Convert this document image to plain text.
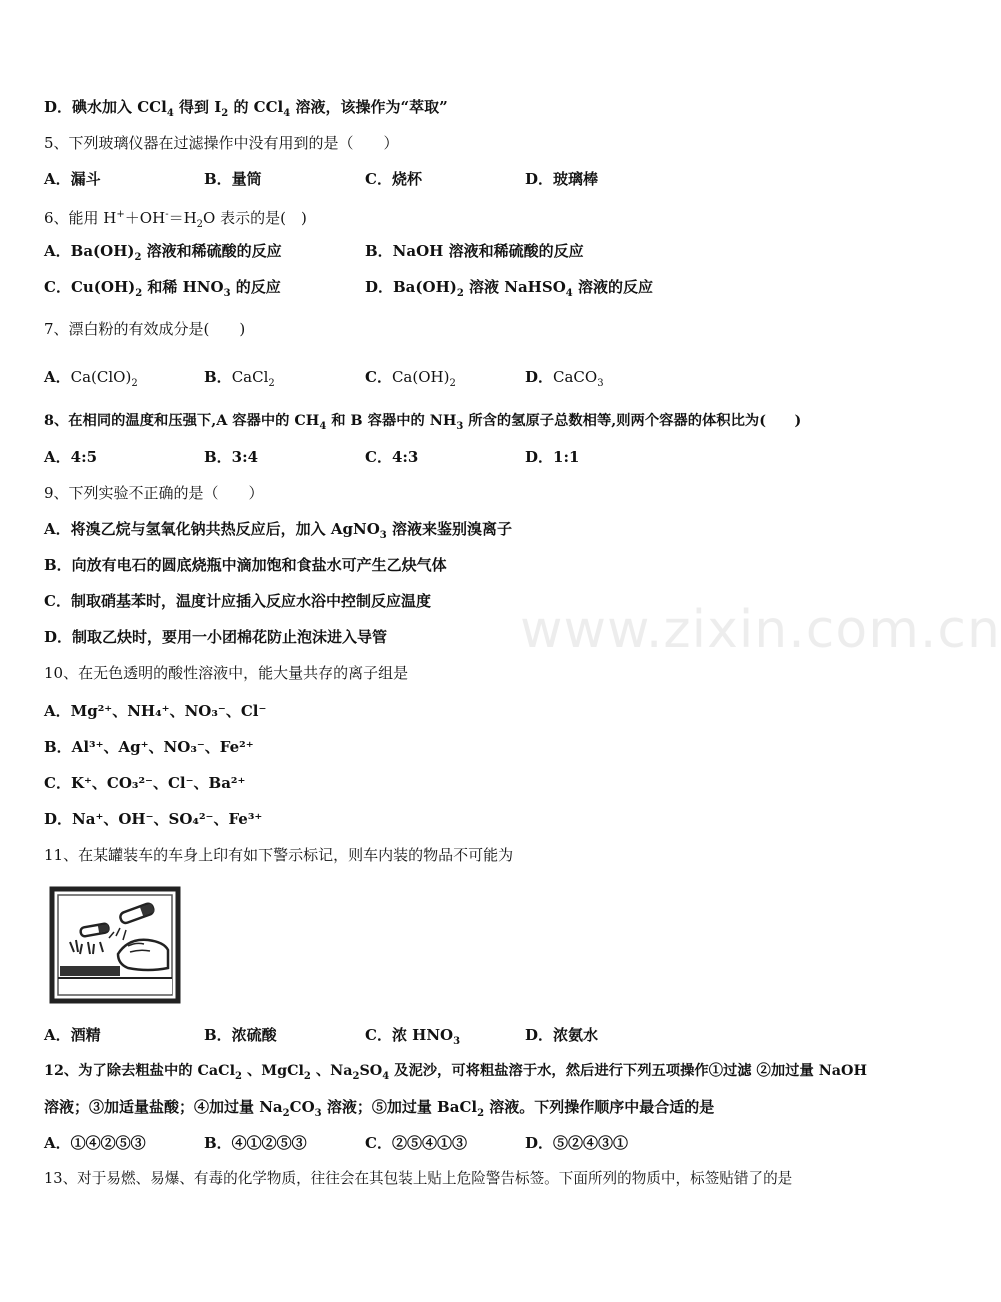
D．碘水加入 CCl$_4$ 得到 $I_2$ 的 CCl$_4$ 溶液，该操作为“萃取”
5、下列玻璃仪器在过滤操作中没有用到的是（　　）
A．漏斗	B．量筒	C．烧杯	D．玻璃棒
6、能用 $H^++OH^-=H_2O$ 表示的是(　)
A．$Ba(OH)_2$ 溶液和稀硫酸的反应	B．NaOH 溶液和稀硫酸的反应
C．$Cu(OH)_2$ 和稀 $HNO_3$ 的反应	D．$Ba(OH)_2$ 溶液 NaHSO$_4$ 溶液的反应
7、漂白粉的有效成分是(　　)
A．$Ca(ClO)_2$	B．CaCl$_2$	C．$Ca(OH)_2$	D．CaCO$_3$
8、在相同的温度和压强下,A 容器中的 $CH_4$ 和 B 容器中的 $NH_3$ 所含的氢原子总数相等,则两个容器的体积比为(　　)
A．4:5	B．3:4	C．4:3	D．1:1
9、下列实验不正确的是（　　）
A．将溴乙烷与氢氧化钠共热反应后，加入 AgNO$_3$ 溶液来鉴别溴离子
B．向放有电石的圆底烧瓶中滴加饱和食盐水可产生乙炔气体
C．制取硝基苯时，温度计应插入反应水浴中控制反应温度
D．制取乙炔时，要用一小团棉花防止泡沫进入导管	www.zixin.com.cn
10、在无色透明的酸性溶液中，能大量共存的离子组是
A．Mg²⁺、NH₄⁺、NO₃⁻、Cl⁻
B．Al³⁺、Ag⁺、NO₃⁻、Fe²⁺
C．K⁺、CO₃²⁻、Cl⁻、Ba²⁺
D．Na⁺、OH⁻、SO₄²⁻、Fe³⁺
11、在某罐装车的车身上印有如下警示标记，则车内装的物品不可能为
A．酒精	B．浓硫酸	C．浓 $HNO_3$	D．浓氨水
12、为了除去粗盐中的 CaCl$_2$ 、MgCl$_2$ 、$Na_2SO_4$ 及泥沙，可将粗盐溶于水，然后进行下列五项操作①过滤 ②加过量 NaOH
溶液；③加适量盐酸；④加过量 $Na_2CO_3$ 溶液；⑤加过量 BaCl$_2$ 溶液。下列操作顺序中最合适的是
A．①④②⑤③	B．④①②⑤③	C．②⑤④①③	D．⑤②④③①
13、对于易燃、易爆、有毒的化学物质，往往会在其包装上贴上危险警告标签。下面所列的物质中，标签贴错了的是
